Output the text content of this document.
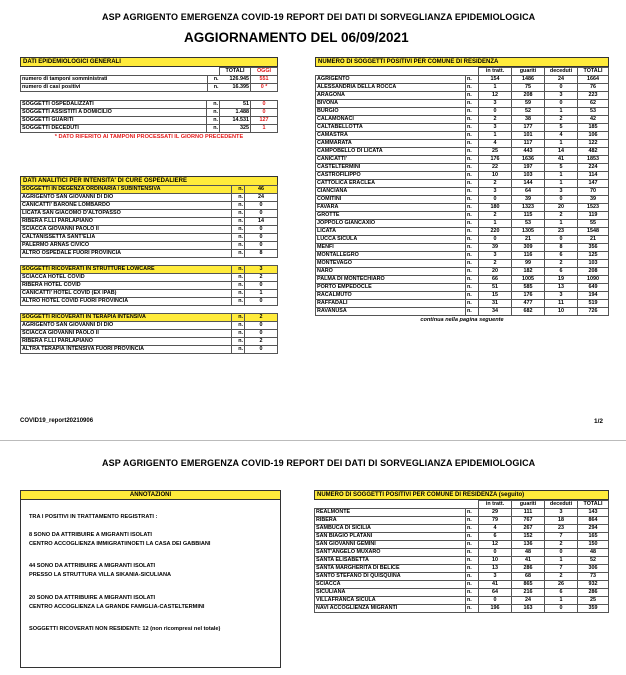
ASP AGRIGENTO EMERGENZA COVID-19 REPORT DEI DATI DI SORVEGLIANZA EPIDEMIOLOGICA
AGGIORNAMENTO DEL 06/09/2021
DATI EPIDEMIOLOGICI GENERALI
		TOTALI	OGGI
numero di tamponi somministrati	n.	126.945	551
numero di casi positivi	n.	16.395	0 *
SOGGETTI OSPEDALIZZATI	n.	51	0
SOGGETTI ASSISTITI A DOMICILIO	n.	1.488	0
SOGGETTI GUARITI	n.	14.531	127
SOGGETTI DECEDUTI	n.	325	1
* DATO RIFERITO AI TAMPONI PROCESSATI IL GIORNO PRECEDENTE
DATI ANALITICI PER INTENSITA' DI CURE OSPEDALIERE
SOGGETTI IN DEGENZA ORDINARIA / SUBINTENSIVA	n.	46
AGRIGENTO SAN GIOVANNI DI DIO	n.	24
CANICATTI' BARONE LOMBARDO	n.	0
LICATA SAN GIACOMO D'ALTOPASSO	n.	0
RIBERA F.LLI PARLAPIANO	n.	14
SCIACCA GIOVANNI PAOLO II	n.	0
CALTANISSETTA SANT'ELIA	n.	0
PALERMO ARNAS CIVICO	n.	0
ALTRO OSPEDALE FUORI PROVINCIA	n.	8
SOGGETTI RICOVERATI IN STRUTTURE LOWCARE	n.	3
SCIACCA HOTEL COVID	n.	2
RIBERA HOTEL COVID	n.	0
CANICATTI' HOTEL COVID (EX IPAB)	n.	1
ALTRO HOTEL COVID FUORI PROVINCIA	n.	0
SOGGETTI RICOVERATI IN TERAPIA INTENSIVA	n.	2
AGRIGENTO SAN GIOVANNI DI DIO	n.	0
SCIACCA GIOVANNI PAOLO II	n.	0
RIBERA F.LLI PARLAPIANO	n.	2
ALTRA TERAPIA INTENSIVA FUORI PROVINCIA	n.	0
NUMERO DI SOGGETTI POSITIVI PER COMUNE DI RESIDENZA
		in tratt.	guariti	deceduti	TOTALI
AGRIGENTO	n.	154	1486	24	1664
ALESSANDRIA DELLA ROCCA	n.	1	75	0	76
ARAGONA	n.	12	208	3	223
BIVONA	n.	3	59	0	62
BURGIO	n.	0	52	1	53
CALAMONACI	n.	2	38	2	42
CALTABELLOTTA	n.	3	177	5	185
CAMASTRA	n.	1	101	4	106
CAMMARATA	n.	4	117	1	122
CAMPOBELLO DI LICATA	n.	25	443	14	482
CANICATTI'	n.	176	1636	41	1853
CASTELTERMINI	n.	22	197	5	224
CASTROFILIPPO	n.	10	103	1	114
CATTOLICA ERACLEA	n.	2	144	1	147
CIANCIANA	n.	3	64	3	70
COMITINI	n.	0	39	0	39
FAVARA	n.	180	1323	20	1523
GROTTE	n.	2	115	2	119
JOPPOLO GIANCAXIO	n.	1	53	1	55
LICATA	n.	220	1305	23	1548
LUCCA SICULA	n.	0	21	0	21
MENFI	n.	39	309	8	356
MONTALLEGRO	n.	3	116	6	125
MONTEVAGO	n.	2	99	2	103
NARO	n.	20	182	6	208
PALMA DI MONTECHIARO	n.	66	1005	19	1090
PORTO EMPEDOCLE	n.	51	585	13	649
RACALMUTO	n.	15	176	3	194
RAFFADALI	n.	31	477	11	519
RAVANUSA	n.	34	682	10	726
continua nella pagina seguente
COVID19_report20210906	1/2
ASP AGRIGENTO EMERGENZA COVID-19 REPORT DEI DATI DI SORVEGLIANZA EPIDEMIOLOGICA
ANNOTAZIONI
TRA I POSITIVI IN TRATTAMENTO REGISTRATI :
8 SONO DA ATTRIBUIRE A MIGRANTI ISOLATI
CENTRO ACCOGLIENZA IMMIGRATI/NOETI LA CASA DEI GABBIANI
44 SONO DA ATTRIBUIRE A MIGRANTI ISOLATI
PRESSO LA STRUTTURA VILLA SIKANIA-SICULIANA
20 SONO DA ATTRIBUIRE A MIGRANTI ISOLATI
CENTRO ACCOGLIENZA LA GRANDE FAMIGLIA-CASTELTERMINI
SOGGETTI RICOVERATI NON RESIDENTI: 12 (non ricompresi nel totale)
NUMERO DI SOGGETTI POSITIVI PER COMUNE DI RESIDENZA (seguito)
		in tratt.	guariti	deceduti	TOTALI
REALMONTE	n.	29	111	3	143
RIBERA	n.	79	767	18	864
SAMBUCA DI SICILIA	n.	4	267	23	294
SAN BIAGIO PLATANI	n.	6	152	7	165
SAN GIOVANNI GEMINI	n.	12	136	2	150
SANT'ANGELO MUXARO	n.	0	48	0	48
SANTA ELISABETTA	n.	10	41	1	52
SANTA MARGHERITA DI BELICE	n.	13	286	7	306
SANTO STEFANO DI QUISQUINA	n.	3	68	2	73
SCIACCA	n.	41	865	26	932
SICULIANA	n.	64	216	6	286
VILLAFRANCA SICULA	n.	0	24	1	25
NAVI ACCOGLIENZA MIGRANTI	n.	196	163	0	359
